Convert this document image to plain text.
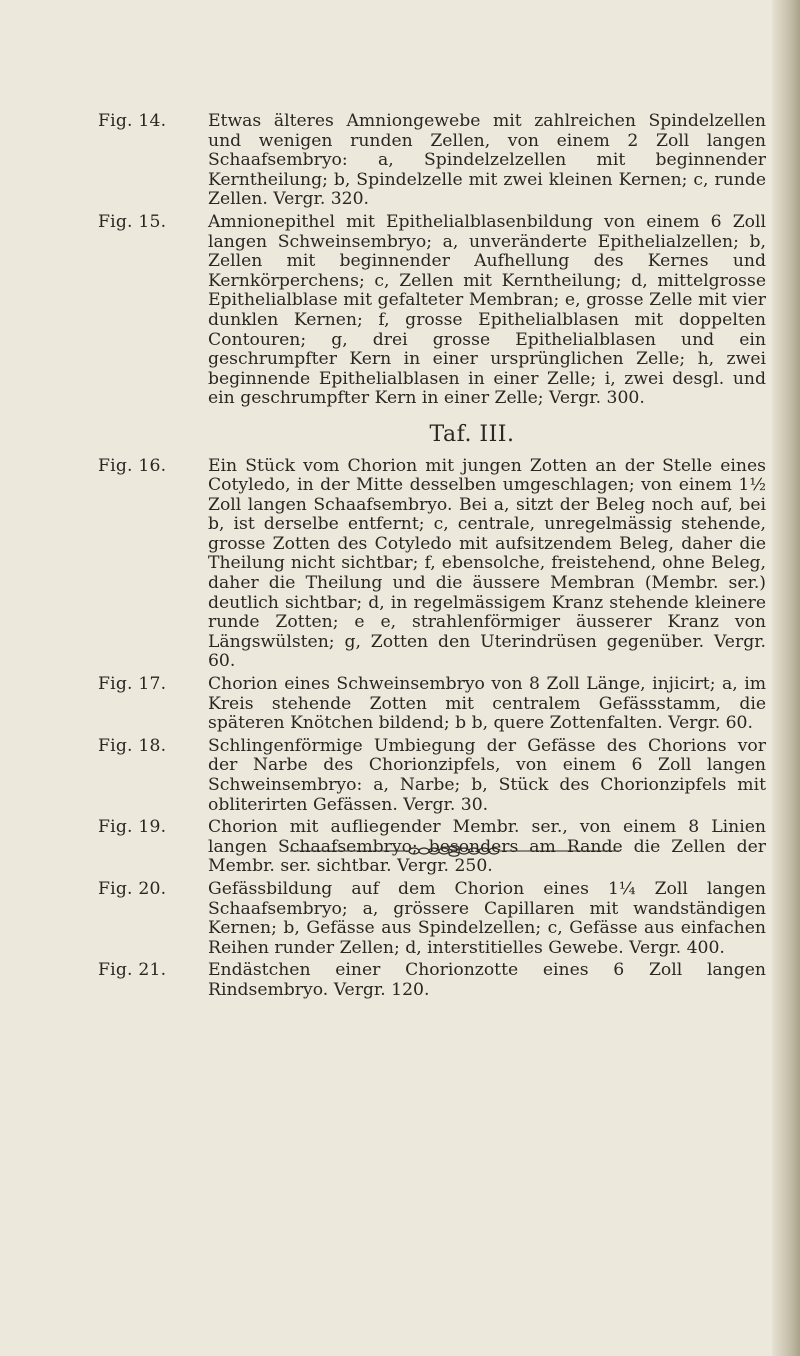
Fig. 14.	Etwas älteres Amniongewebe mit zahlreichen Spindelzellen und wenigen runden Zellen, von einem 2 Zoll langen Schaafsembryo: a, Spindelzelzellen mit beginnender Kerntheilung; b, Spindelzelle mit zwei kleinen Kernen; c, runde Zellen. Vergr. 320.
Fig. 15.	Amnionepithel mit Epithelialblasenbildung von einem 6 Zoll langen Schweinsembryo; a, unveränderte Epithelialzellen; b, Zellen mit beginnender Aufhellung des Kernes und Kernkörperchens; c, Zellen mit Kerntheilung; d, mittelgrosse Epithelialblase mit gefalteter Membran; e, grosse Zelle mit vier dunklen Kernen; f, grosse Epithelialblasen mit doppelten Contouren; g, drei grosse Epithelialblasen und ein geschrumpfter Kern in einer ursprünglichen Zelle; h, zwei beginnende Epithelialblasen in einer Zelle; i, zwei desgl. und ein geschrumpfter Kern in einer Zelle; Vergr. 300.
Taf. III.
Fig. 16.	Ein Stück vom Chorion mit jungen Zotten an der Stelle eines Cotyledo, in der Mitte desselben umgeschlagen; von einem 1½ Zoll langen Schaafsembryo. Bei a, sitzt der Beleg noch auf, bei b, ist derselbe entfernt; c, centrale, unregelmässig stehende, grosse Zotten des Cotyledo mit aufsitzendem Beleg, daher die Theilung nicht sichtbar; f, ebensolche, freistehend, ohne Beleg, daher die Theilung und die äussere Membran (Membr. ser.) deutlich sichtbar; d, in regelmässigem Kranz stehende kleinere runde Zotten; e e, strahlenförmiger äusserer Kranz von Längswülsten; g, Zotten den Uterindrüsen gegenüber. Vergr. 60.
Fig. 17.	Chorion eines Schweinsembryo von 8 Zoll Länge, injicirt; a, im Kreis stehende Zotten mit centralem Gefässstamm, die späteren Knötchen bildend; b b, quere Zottenfalten. Vergr. 60.
Fig. 18.	Schlingenförmige Umbiegung der Gefässe des Chorions vor der Narbe des Chorionzipfels, von einem 6 Zoll langen Schweinsembryo: a, Narbe; b, Stück des Chorionzipfels mit obliterirten Gefässen. Vergr. 30.
Fig. 19.	Chorion mit aufliegender Membr. ser., von einem 8 Linien langen Schaafsembryo; besonders am Rande die Zellen der Membr. ser. sichtbar. Vergr. 250.
Fig. 20.	Gefässbildung auf dem Chorion eines 1¼ Zoll langen Schaafsembryo; a, grössere Capillaren mit wandständigen Kernen; b, Gefässe aus Spindelzellen; c, Gefässe aus einfachen Reihen runder Zellen; d, interstitielles Gewebe. Vergr. 400.
Fig. 21.	Endästchen einer Chorionzotte eines 6 Zoll langen Rindsembryo. Vergr. 120.
